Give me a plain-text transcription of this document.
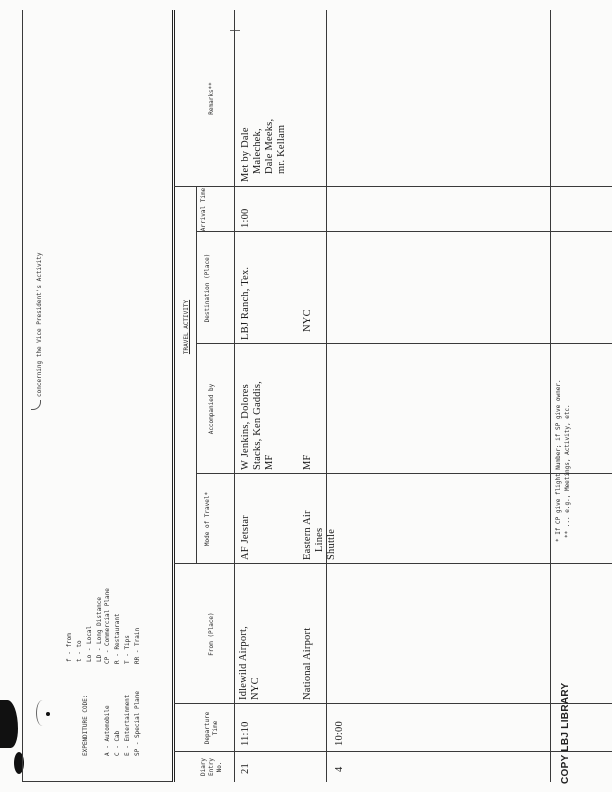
concerning the Vice President's Activity
f - from t - to Lo - Local LD - Long Distance
EXPENDITURE CODE:	A - Automobile C - Cab E - Entertainment SP - Special Plane
CP - Commercial Plane R - Restaurant T - Tips RR - Train
TRAVEL ACTIVITY
Diary Entry No.
Departure Time
From (Place)
Mode of Travel*
Accompanied by
Destination (Place)
Arrival Time
Remarks**
21
11:10
Idlewild Airport, NYC
AF Jetstar
W Jenkins, Dolores Stacks, Ken Gaddis, MF
LBJ Ranch, Tex.
1:00
Met by Dale Malechek, Dale Meeks, mr. Kellam
4
10:00
National Airport
Eastern Air Lines Shuttle
MF
NYC
* If CP give flight Number; if SP give owner. ** ... e.g., Meetings, Activity, etc.
COPY LBJ LIBRARY
